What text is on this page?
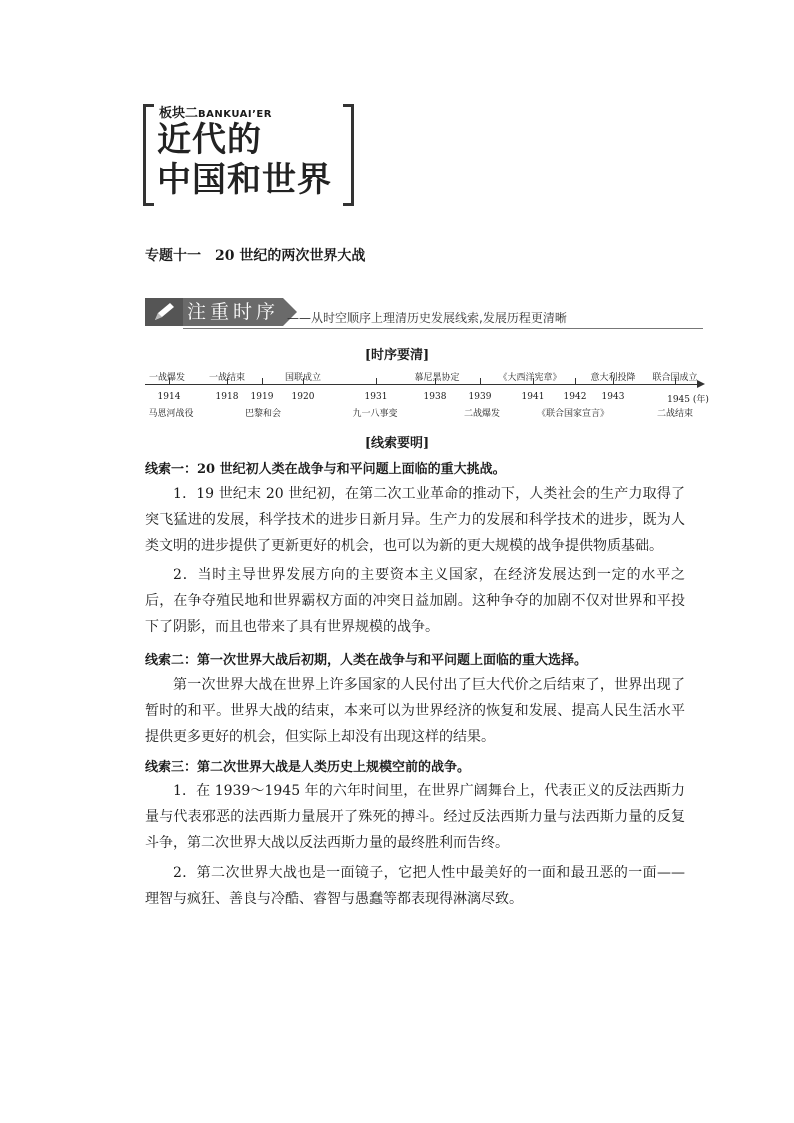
板块二BANKUAI’ER
近代的
中国和世界
专题十一　20 世纪的两次世界大战
注重时序 ——从时空顺序上理清历史发展线索,发展历程更清晰
[时序要清]
一战爆发	一战结束	国联成立	慕尼黑协定	《大西洋宪章》	意大利投降 联合国成立
1914	1918 1919 1920	1931	1938 1939	1941 1942 1943	1945 (年)
马恩河战役	巴黎和会	九一八事变	二战爆发	《联合国家宣言》	二战结束
[线索要明]
线索一：20 世纪初人类在战争与和平问题上面临的重大挑战。
1．19 世纪末 20 世纪初，在第二次工业革命的推动下，人类社会的生产力取得了突飞猛进的发展，科学技术的进步日新月异。生产力的发展和科学技术的进步，既为人类文明的进步提供了更新更好的机会，也可以为新的更大规模的战争提供物质基础。
2．当时主导世界发展方向的主要资本主义国家，在经济发展达到一定的水平之后，在争夺殖民地和世界霸权方面的冲突日益加剧。这种争夺的加剧不仅对世界和平投下了阴影，而且也带来了具有世界规模的战争。
线索二：第一次世界大战后初期，人类在战争与和平问题上面临的重大选择。
第一次世界大战在世界上许多国家的人民付出了巨大代价之后结束了，世界出现了暂时的和平。世界大战的结束，本来可以为世界经济的恢复和发展、提高人民生活水平提供更多更好的机会，但实际上却没有出现这样的结果。
线索三：第二次世界大战是人类历史上规模空前的战争。
1．在 1939～1945 年的六年时间里，在世界广阔舞台上，代表正义的反法西斯力量与代表邪恶的法西斯力量展开了殊死的搏斗。经过反法西斯力量与法西斯力量的反复斗争，第二次世界大战以反法西斯力量的最终胜利而告终。
2．第二次世界大战也是一面镜子，它把人性中最美好的一面和最丑恶的一面——理智与疯狂、善良与冷酷、睿智与愚蠢等都表现得淋漓尽致。
